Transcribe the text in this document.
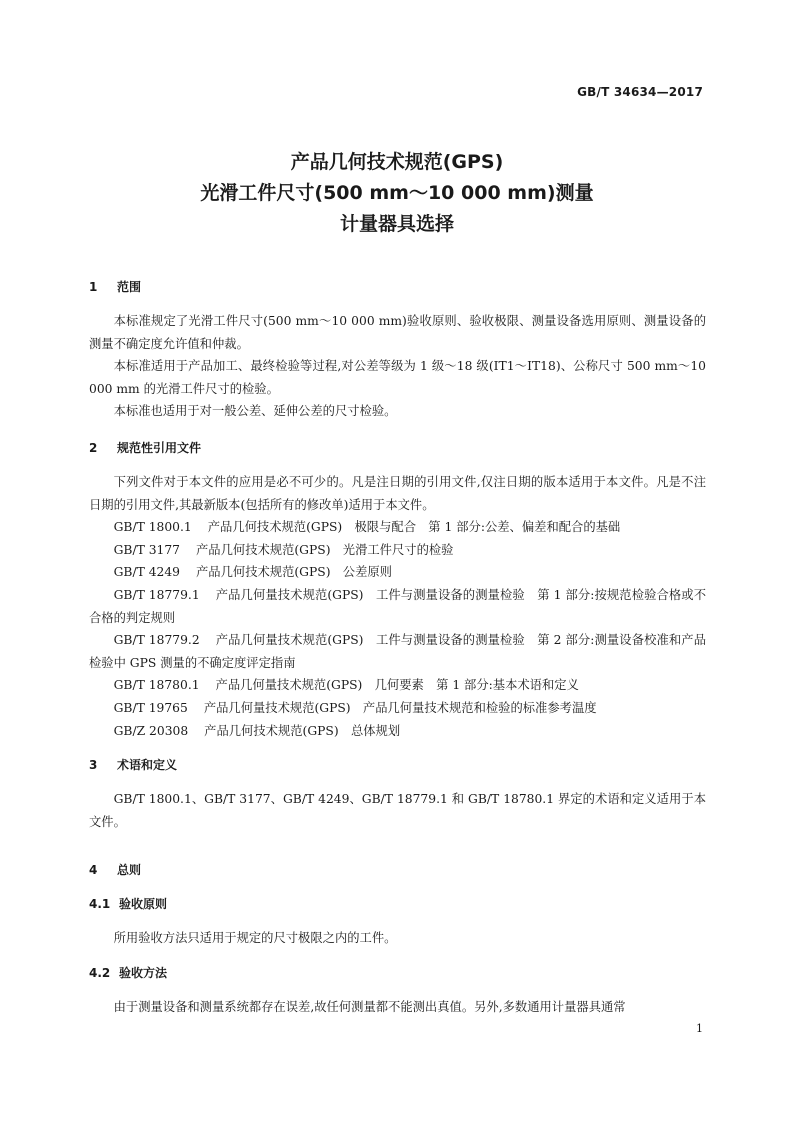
GB/T 34634—2017
产品几何技术规范(GPS)
光滑工件尺寸(500 mm～10 000 mm)测量
计量器具选择
1 范围
本标准规定了光滑工件尺寸(500 mm～10 000 mm)验收原则、验收极限、测量设备选用原则、测量设备的测量不确定度允许值和仲裁。
本标准适用于产品加工、最终检验等过程,对公差等级为 1 级～18 级(IT1～IT18)、公称尺寸 500 mm～10 000 mm 的光滑工件尺寸的检验。
本标准也适用于对一般公差、延伸公差的尺寸检验。
2 规范性引用文件
下列文件对于本文件的应用是必不可少的。凡是注日期的引用文件,仅注日期的版本适用于本文件。凡是不注日期的引用文件,其最新版本(包括所有的修改单)适用于本文件。
GB/T 1800.1 产品几何技术规范(GPS)　极限与配合　第 1 部分:公差、偏差和配合的基础
GB/T 3177 产品几何技术规范(GPS)　光滑工件尺寸的检验
GB/T 4249 产品几何技术规范(GPS)　公差原则
GB/T 18779.1 产品几何量技术规范(GPS)　工件与测量设备的测量检验　第 1 部分:按规范检验合格或不合格的判定规则
GB/T 18779.2 产品几何量技术规范(GPS)　工件与测量设备的测量检验　第 2 部分:测量设备校准和产品检验中 GPS 测量的不确定度评定指南
GB/T 18780.1 产品几何量技术规范(GPS)　几何要素　第 1 部分:基本术语和定义
GB/T 19765 产品几何量技术规范(GPS)　产品几何量技术规范和检验的标准参考温度
GB/Z 20308 产品几何技术规范(GPS)　总体规划
3 术语和定义
GB/T 1800.1、GB/T 3177、GB/T 4249、GB/T 18779.1 和 GB/T 18780.1 界定的术语和定义适用于本文件。
4 总则
4.1 验收原则
所用验收方法只适用于规定的尺寸极限之内的工件。
4.2 验收方法
由于测量设备和测量系统都存在误差,故任何测量都不能测出真值。另外,多数通用计量器具通常
1
